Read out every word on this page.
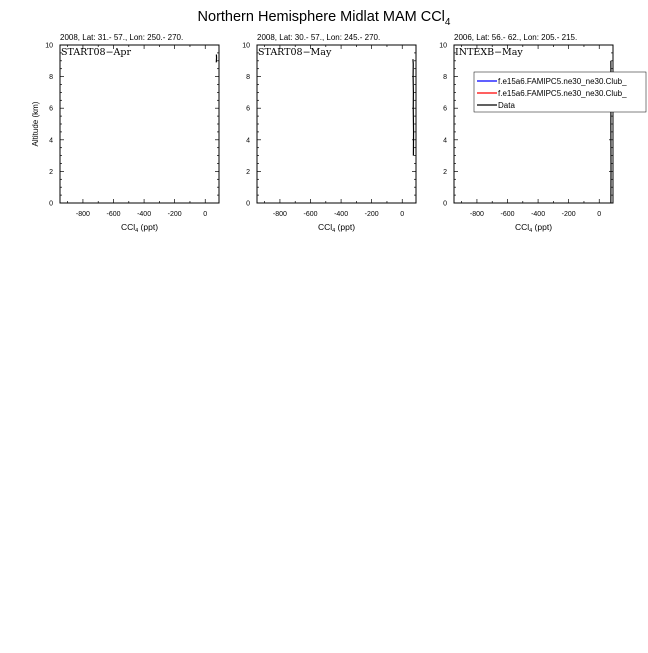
Northern Hemisphere Midlat MAM CCl$_4$
2008, Lat: 31.- 57., Lon: 250.- 270.
START08−Apr
-800 -600 -400 -200	0
0
2
4
6
8
10
CCl$_4$ (ppt)
Altitude (km)
2008, Lat: 30.- 57., Lon: 245.- 270.
START08−May
-800 -600 -400 -200	0
0
2
4
6
8
10
CCl$_4$ (ppt)
2006, Lat: 56.- 62., Lon: 205.- 215.
INTEXB−May
-800 -600 -400 -200	0
0
2
4
6
8
10
CCl$_4$ (ppt)
f.e15a6.FAMIPC5.ne30_ne30.Club_
f.e15a6.FAMIPC5.ne30_ne30.Club_
Data
